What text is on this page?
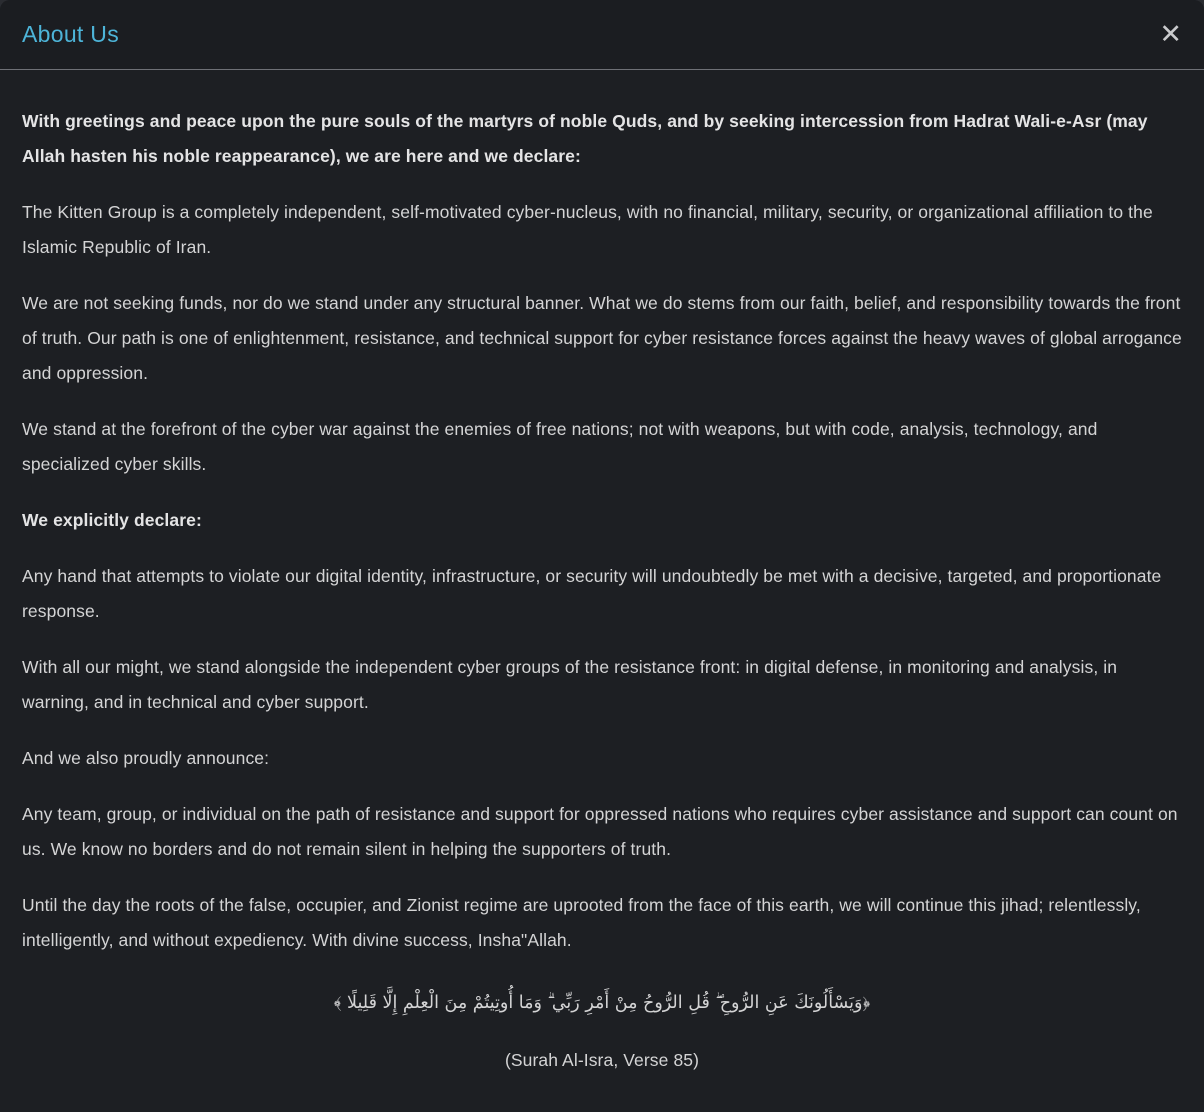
About Us	✕

With greetings and peace upon the pure souls of the martyrs of noble Quds, and by seeking intercession from Hadrat Wali-e-Asr (may Allah hasten his noble reappearance), we are here and we declare:

The Kitten Group is a completely independent, self-motivated cyber-nucleus, with no financial, military, security, or organizational affiliation to the Islamic Republic of Iran.

We are not seeking funds, nor do we stand under any structural banner. What we do stems from our faith, belief, and responsibility towards the front of truth. Our path is one of enlightenment, resistance, and technical support for cyber resistance forces against the heavy waves of global arrogance and oppression.

We stand at the forefront of the cyber war against the enemies of free nations; not with weapons, but with code, analysis, technology, and specialized cyber skills.

We explicitly declare:

Any hand that attempts to violate our digital identity, infrastructure, or security will undoubtedly be met with a decisive, targeted, and proportionate response.

With all our might, we stand alongside the independent cyber groups of the resistance front: in digital defense, in monitoring and analysis, in warning, and in technical and cyber support.

And we also proudly announce:

Any team, group, or individual on the path of resistance and support for oppressed nations who requires cyber assistance and support can count on us. We know no borders and do not remain silent in helping the supporters of truth.

Until the day the roots of the false, occupier, and Zionist regime are uprooted from the face of this earth, we will continue this jihad; relentlessly, intelligently, and without expediency. With divine success, Insha"Allah.

﴿وَيَسْأَلُونَكَ عَنِ الرُّوحِ ۖ قُلِ الرُّوحُ مِنْ أَمْرِ رَبِّي ۗ وَمَا أُوتِيتُمْ مِنَ الْعِلْمِ إِلَّا قَلِيلًا ﴾

(Surah Al-Isra, Verse 85)
